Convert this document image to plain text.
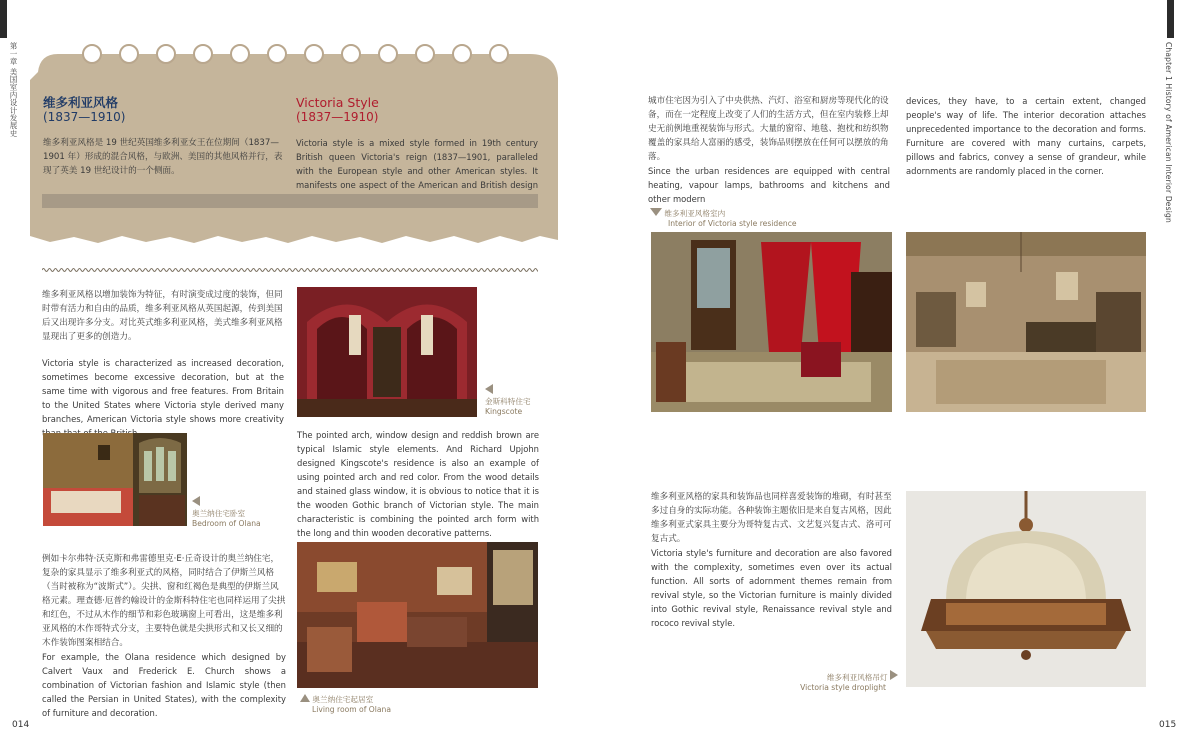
第一章 美国室内设计发展史 维多利亚风格
(1837—1910)
维多利亚风格是 19 世纪英国维多利亚女王在位期间（1837—1901 年）形成的混合风格，与欧洲、美国的其他风格并行，表现了英美 19 世纪设计的一个侧面。
Victoria Style
(1837—1910)
Victoria style is a mixed style formed in 19th century British queen Victoria's reign (1837—1901, paralleled with the European style and other American styles. It manifests one aspect of the American and British design
维多利亚风格以增加装饰为特征，有时演变成过度的装饰，但同时带有活力和自由的品质，维多利亚风格从英国起源，传到美国后又出现许多分支。对比英式维多利亚风格，美式维多利亚风格显现出了更多的创造力。
Victoria style is characterized as increased decoration, sometimes become excessive decoration, but at the same time with vigorous and free features. From Britain to the United States where Victoria style derived many branches, American Victoria style shows more creativity

奥兰纳住宅卧室
Bedroom of Olana
例如卡尔弗特·沃克斯和弗雷德里克·E·丘奇设计的奥兰纳住宅，复杂的家具显示了维多利亚式的风格，同时结合了伊斯兰风格（当时被称为“波斯式”）。尖拱、窗和红褐色是典型的伊斯兰风格元素。理查德·厄普约翰设计的金斯科特住宅也同样运用了尖拱和红色，不过从木作的细节和彩色玻璃窗上可看出，这是维多利亚风格的木作哥特式分支，主要特色就是尖拱形式和又长又细的木作装饰图案相结合。
For example, the Olana residence which designed by Calvert Vaux and Frederick E. Church shows a combination of Victorian fashion and Islamic style (then called the Persian in United States), with the complexity of furniture and decoration.

金斯科特住宅
Kingscote
The pointed arch, window design and reddish brown are typical Islamic style elements. And Richard Upjohn designed Kingscote's residence is also an example of using pointed arch and red color. From the wood details and stained glass window, it is obvious to notice that it is the wooden Gothic branch of Victorian style. The main characteristic is combining the pointed arch form with the long and thin wooden decorative patterns.
奥兰纳住宅起居室
Living room of Olana
014
Chapter 1 History of American Interior Design
城市住宅因为引入了中央供热、汽灯、浴室和厨房等现代化的设备，而在一定程度上改变了人们的生活方式，但在室内装修上却史无前例地重视装饰与形式。大量的窗帘、地毯、抱枕和纺织物覆盖的家具给人富丽的感受，装饰品则摆放在任何可以摆放的角落。
Since the urban residences are equipped with central heating, vapour lamps, bathrooms and kitchens and other modern
devices, they have, to a certain extent, changed people's way of life. The interior decoration attaches unprecedented importance to the decoration and forms. Furniture are covered with many curtains, carpets, pillows and fabrics, convey a sense of grandeur, while adornments are randomly placed in the corner.
维多利亚风格室内
Interior of Victoria style residence
维多利亚风格的家具和装饰品也同样喜爱装饰的堆砌，有时甚至多过自身的实际功能。各种装饰主题依旧是来自复古风格，因此维多利亚式家具主要分为哥特复古式、文艺复兴复古式、洛可可复古式。
Victoria style's furniture and decoration are also favored with the complexity, sometimes even over its actual function. All sorts of adornment themes remain from revival style, so the Victorian furniture is mainly divided into Gothic revival style, Renaissance revival style and rococo revival style.
维多利亚风格吊灯
Victoria style droplight
015
